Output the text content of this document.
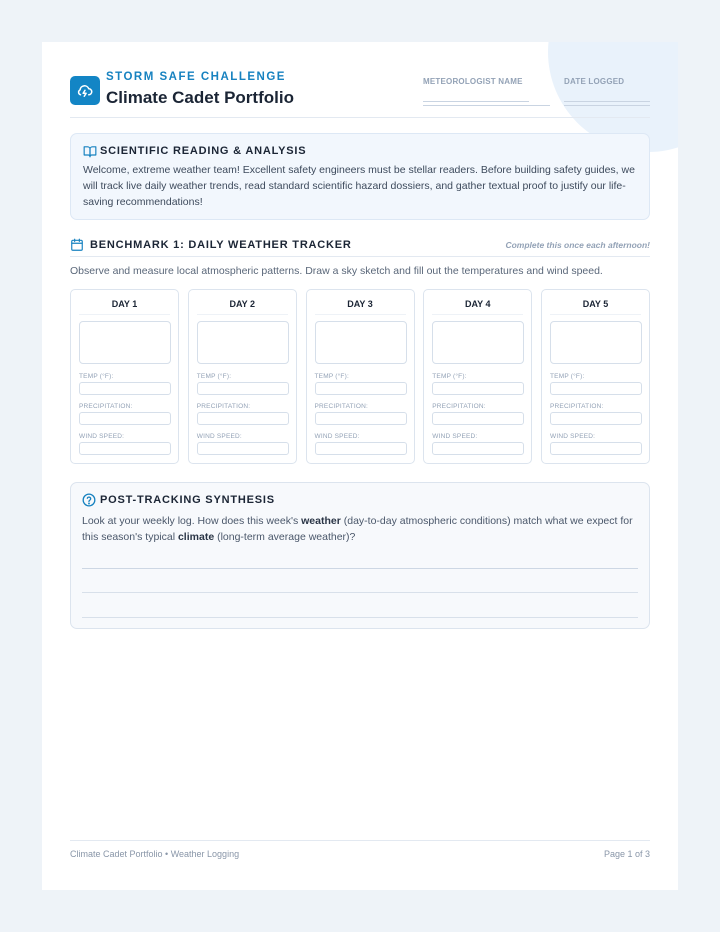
STORM SAFE CHALLENGE
Climate Cadet Portfolio
METEOROLOGIST NAME	DATE LOGGED
SCIENTIFIC READING & ANALYSIS
Welcome, extreme weather team! Excellent safety engineers must be stellar readers. Before building safety guides, we will track live daily weather trends, read standard scientific hazard dossiers, and gather textual proof to justify our life-saving recommendations!
BENCHMARK 1: DAILY WEATHER TRACKER	Complete this once each afternoon!
Observe and measure local atmospheric patterns. Draw a sky sketch and fill out the temperatures and wind speed.
DAY 1
TEMP (°F):
PRECIPITATION:
WIND SPEED:
DAY 2
TEMP (°F):
PRECIPITATION:
WIND SPEED:
DAY 3
TEMP (°F):
PRECIPITATION:
WIND SPEED:
DAY 4
TEMP (°F):
PRECIPITATION:
WIND SPEED:
DAY 5
TEMP (°F):
PRECIPITATION:
WIND SPEED:
POST-TRACKING SYNTHESIS
Look at your weekly log. How does this week's weather (day-to-day atmospheric conditions) match what we expect for this season's typical climate (long-term average weather)?
Climate Cadet Portfolio • Weather Logging	Page 1 of 3
